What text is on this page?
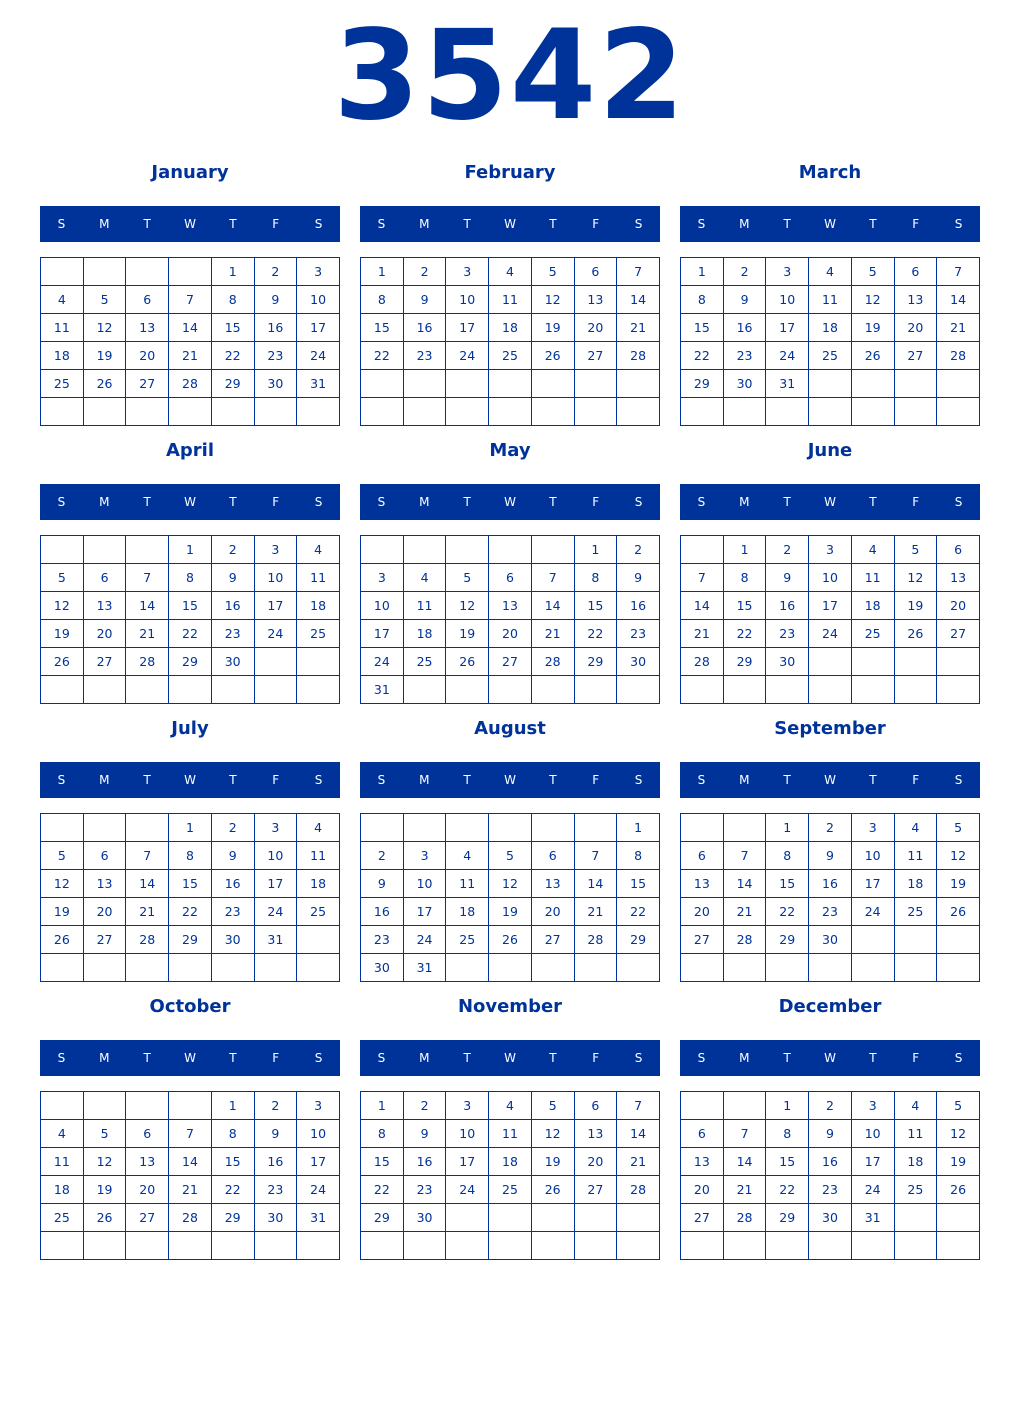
3542
January
S	M	T	W	T	F	S
				1	2	3
4	5	6	7	8	9	10
11	12	13	14	15	16	17
18	19	20	21	22	23	24
25	26	27	28	29	30	31

February
S	M	T	W	T	F	S
1	2	3	4	5	6	7
8	9	10	11	12	13	14
15	16	17	18	19	20	21
22	23	24	25	26	27	28

March
S	M	T	W	T	F	S
1	2	3	4	5	6	7
8	9	10	11	12	13	14
15	16	17	18	19	20	21
22	23	24	25	26	27	28
29	30	31				

April
S	M	T	W	T	F	S
			1	2	3	4
5	6	7	8	9	10	11
12	13	14	15	16	17	18
19	20	21	22	23	24	25
26	27	28	29	30		

May
S	M	T	W	T	F	S
					1	2
3	4	5	6	7	8	9
10	11	12	13	14	15	16
17	18	19	20	21	22	23
24	25	26	27	28	29	30
31						
June
S	M	T	W	T	F	S
	1	2	3	4	5	6
7	8	9	10	11	12	13
14	15	16	17	18	19	20
21	22	23	24	25	26	27
28	29	30				

July
S	M	T	W	T	F	S
			1	2	3	4
5	6	7	8	9	10	11
12	13	14	15	16	17	18
19	20	21	22	23	24	25
26	27	28	29	30	31	

August
S	M	T	W	T	F	S
						1
2	3	4	5	6	7	8
9	10	11	12	13	14	15
16	17	18	19	20	21	22
23	24	25	26	27	28	29
30	31					
September
S	M	T	W	T	F	S
		1	2	3	4	5
6	7	8	9	10	11	12
13	14	15	16	17	18	19
20	21	22	23	24	25	26
27	28	29	30			

October
S	M	T	W	T	F	S
				1	2	3
4	5	6	7	8	9	10
11	12	13	14	15	16	17
18	19	20	21	22	23	24
25	26	27	28	29	30	31

November
S	M	T	W	T	F	S
1	2	3	4	5	6	7
8	9	10	11	12	13	14
15	16	17	18	19	20	21
22	23	24	25	26	27	28
29	30					

December
S	M	T	W	T	F	S
		1	2	3	4	5
6	7	8	9	10	11	12
13	14	15	16	17	18	19
20	21	22	23	24	25	26
27	28	29	30	31		
